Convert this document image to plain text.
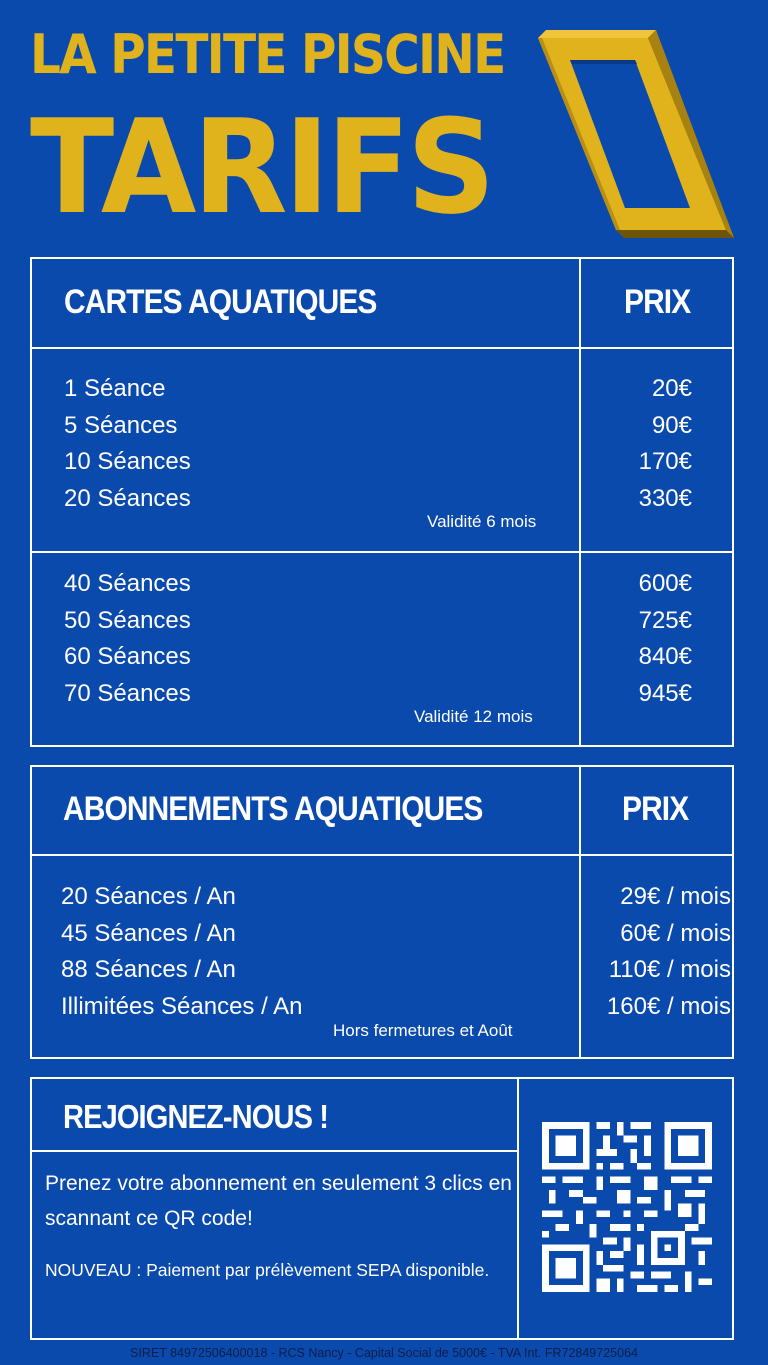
LA PETITE PISCINE
TARIFS
CARTES AQUATIQUES	PRIX
1 Séance
5 Séances
10 Séances
20 Séances
20€
90€
170€
330€
Validité 6 mois
40 Séances
50 Séances
60 Séances
70 Séances
600€
725€
840€
945€
Validité 12 mois
ABONNEMENTS AQUATIQUES	PRIX
20 Séances / An
45 Séances / An
88 Séances / An
Illimitées Séances / An
29€ / mois
60€ / mois
110€ / mois
160€ / mois
Hors fermetures et Août
REJOIGNEZ-NOUS !
Prenez votre abonnement en seulement 3 clics en scannant ce QR code!
NOUVEAU : Paiement par prélèvement SEPA disponible.
SIRET 84972506400018 - RCS Nancy - Capital Social de 5000€ - TVA Int. FR72849725064
